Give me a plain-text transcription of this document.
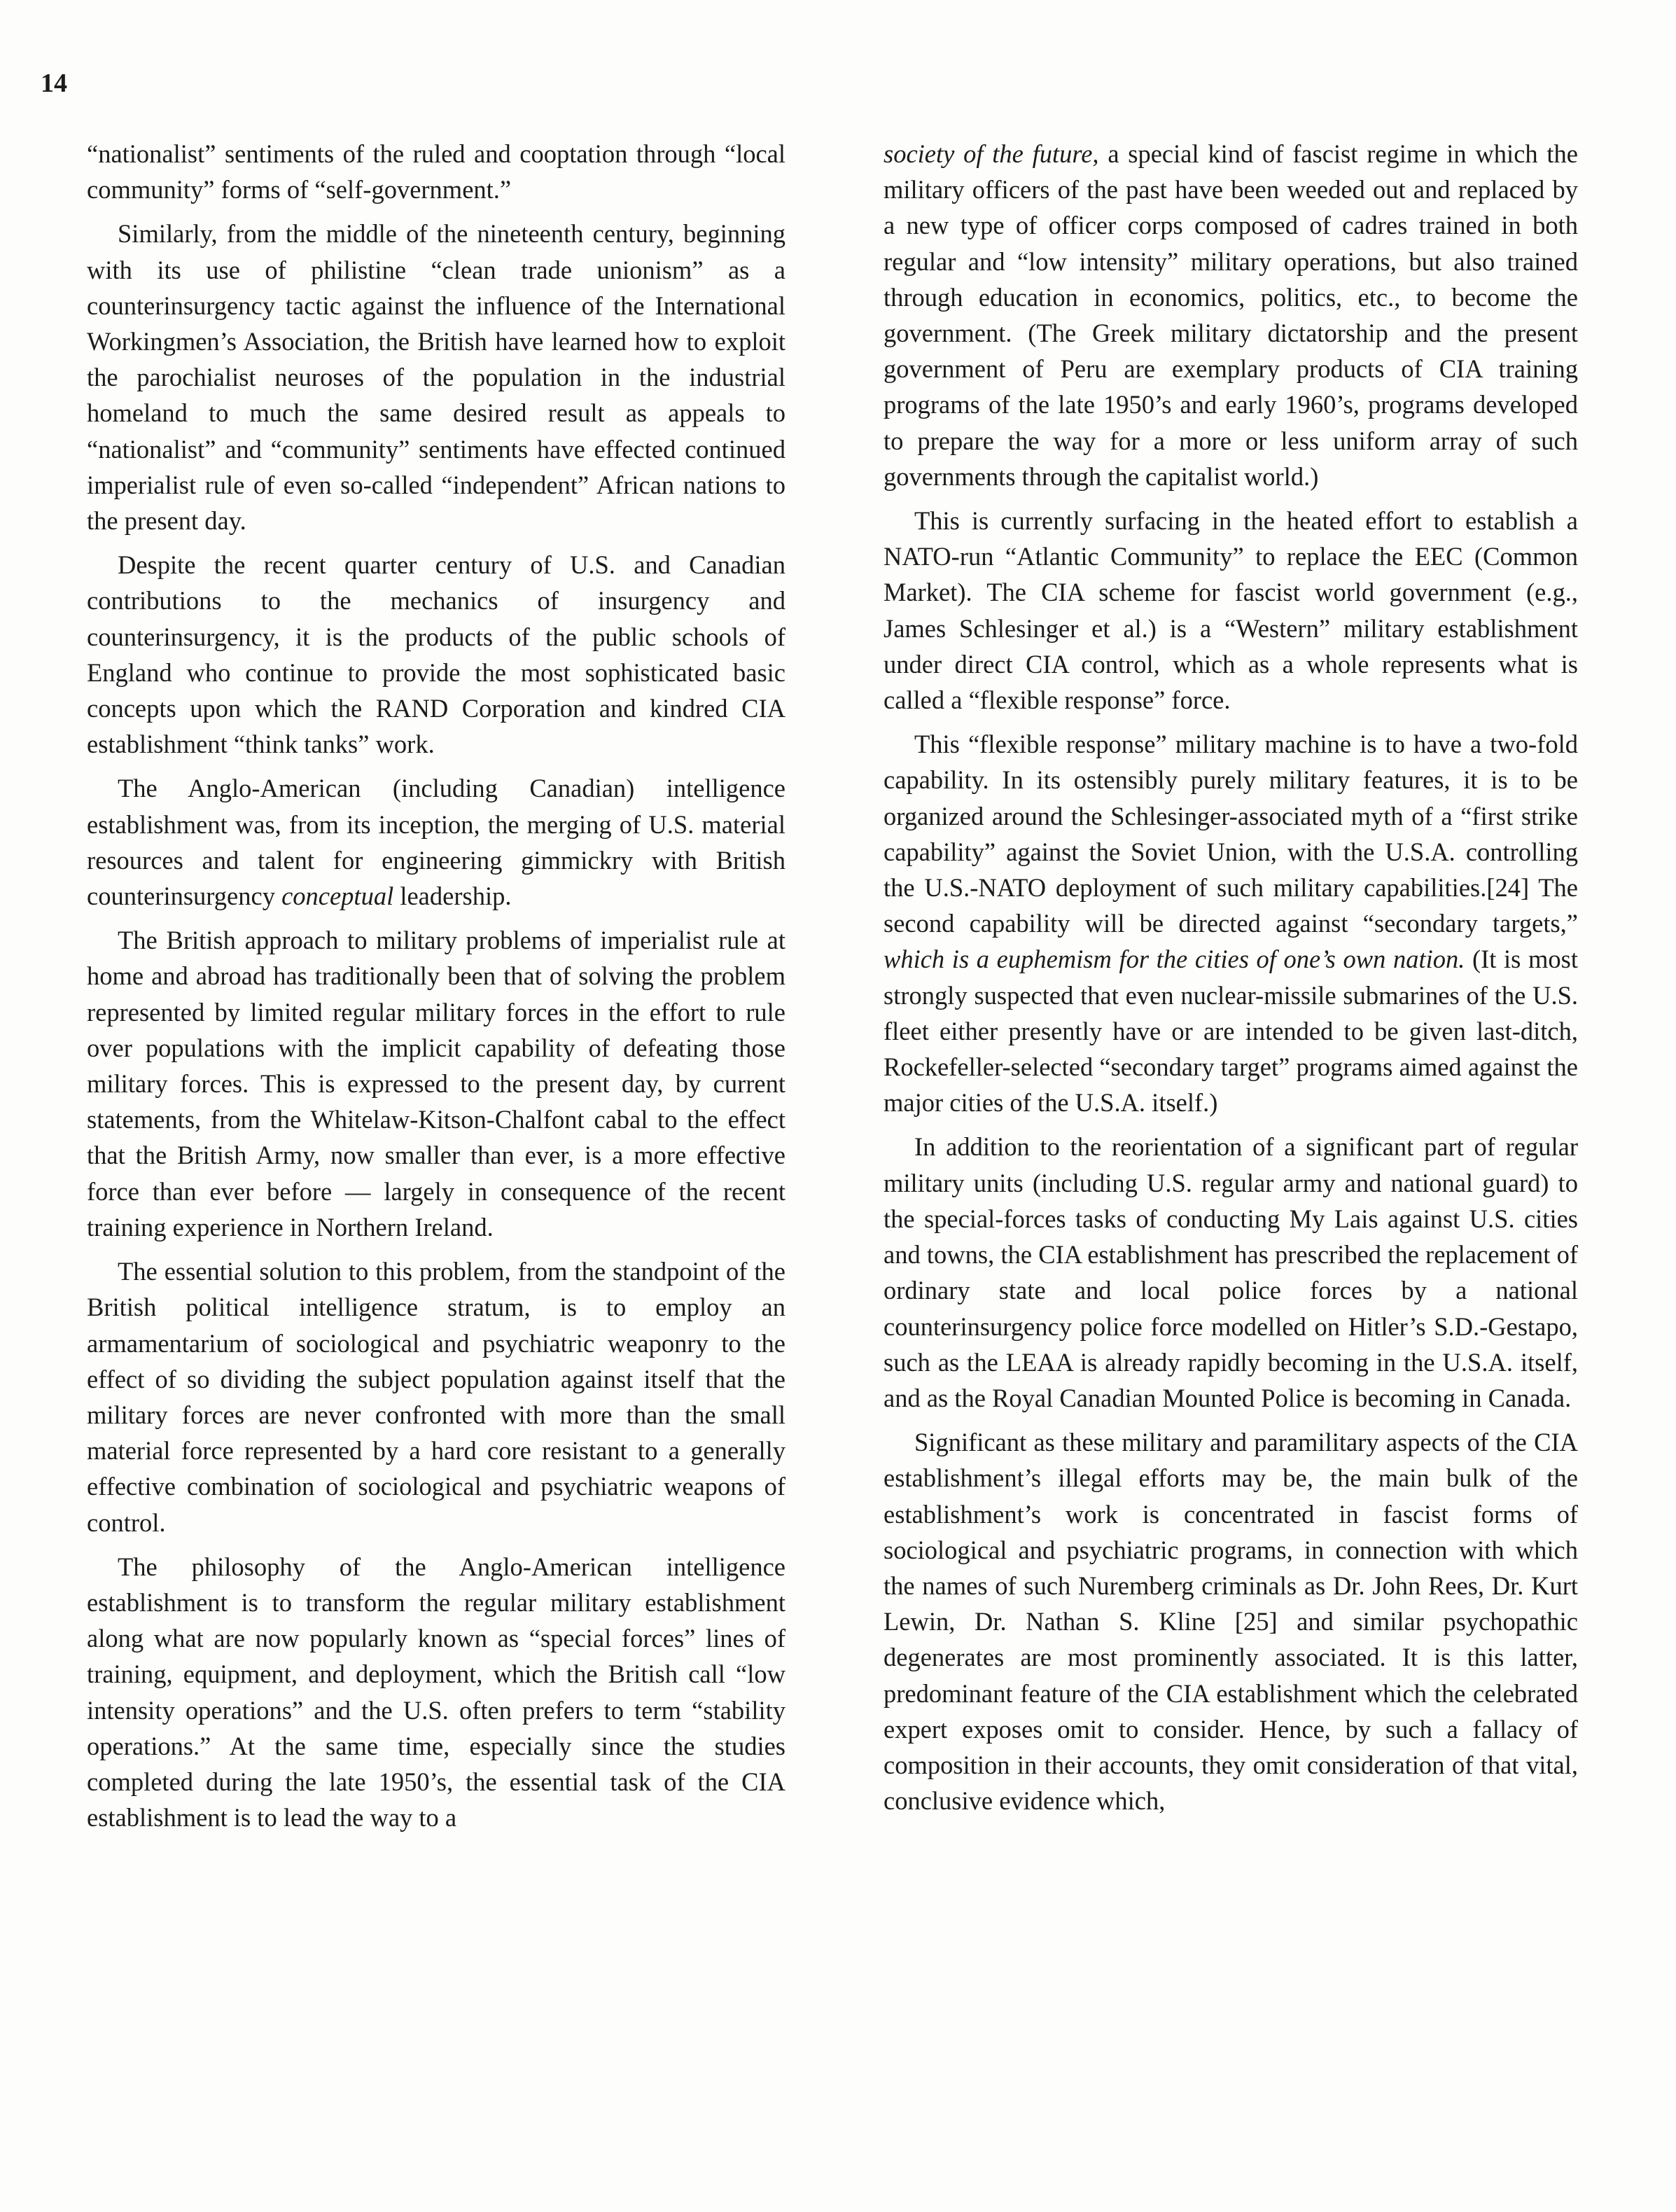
14

“nationalist” sentiments of the ruled and cooptation through “local community” forms of “self-government.”

Similarly, from the middle of the nineteenth century, beginning with its use of philistine “clean trade unionism” as a counterinsurgency tactic against the influence of the International Workingmen’s Association, the British have learned how to exploit the parochialist neuroses of the population in the industrial homeland to much the same desired result as appeals to “nationalist” and “community” sentiments have effected continued imperialist rule of even so-called “independent” African nations to the present day.

Despite the recent quarter century of U.S. and Canadian contributions to the mechanics of insurgency and counterinsurgency, it is the products of the public schools of England who continue to provide the most sophisticated basic concepts upon which the RAND Corporation and kindred CIA establishment “think tanks” work.

The Anglo-American (including Canadian) intelligence establishment was, from its inception, the merging of U.S. material resources and talent for engineering gimmickry with British counterinsurgency conceptual leadership.

The British approach to military problems of imperialist rule at home and abroad has traditionally been that of solving the problem represented by limited regular military forces in the effort to rule over populations with the implicit capability of defeating those military forces. This is expressed to the present day, by current statements, from the Whitelaw-Kitson-Chalfont cabal to the effect that the British Army, now smaller than ever, is a more effective force than ever before — largely in consequence of the recent training experience in Northern Ireland.

The essential solution to this problem, from the standpoint of the British political intelligence stratum, is to employ an armamentarium of sociological and psychiatric weaponry to the effect of so dividing the subject population against itself that the military forces are never confronted with more than the small material force represented by a hard core resistant to a generally effective combination of sociological and psychiatric weapons of control.

The philosophy of the Anglo-American intelligence establishment is to transform the regular military establishment along what are now popularly known as “special forces” lines of training, equipment, and deployment, which the British call “low intensity operations” and the U.S. often prefers to term “stability operations.” At the same time, especially since the studies completed during the late 1950’s, the essential task of the CIA establishment is to lead the way to a

society of the future, a special kind of fascist regime in which the military officers of the past have been weeded out and replaced by a new type of officer corps composed of cadres trained in both regular and “low intensity” military operations, but also trained through education in economics, politics, etc., to become the government. (The Greek military dictatorship and the present government of Peru are exemplary products of CIA training programs of the late 1950’s and early 1960’s, programs developed to prepare the way for a more or less uniform array of such governments through the capitalist world.)

This is currently surfacing in the heated effort to establish a NATO-run “Atlantic Community” to replace the EEC (Common Market). The CIA scheme for fascist world government (e.g., James Schlesinger et al.) is a “Western” military establishment under direct CIA control, which as a whole represents what is called a “flexible response” force.

This “flexible response” military machine is to have a two-fold capability. In its ostensibly purely military features, it is to be organized around the Schlesinger-associated myth of a “first strike capability” against the Soviet Union, with the U.S.A. controlling the U.S.-NATO deployment of such military capabilities.[24] The second capability will be directed against “secondary targets,” which is a euphemism for the cities of one’s own nation. (It is most strongly suspected that even nuclear-missile submarines of the U.S. fleet either presently have or are intended to be given last-ditch, Rockefeller-selected “secondary target” programs aimed against the major cities of the U.S.A. itself.)

In addition to the reorientation of a significant part of regular military units (including U.S. regular army and national guard) to the special-forces tasks of conducting My Lais against U.S. cities and towns, the CIA establishment has prescribed the replacement of ordinary state and local police forces by a national counterinsurgency police force modelled on Hitler’s S.D.-Gestapo, such as the LEAA is already rapidly becoming in the U.S.A. itself, and as the Royal Canadian Mounted Police is becoming in Canada.

Significant as these military and paramilitary aspects of the CIA establishment’s illegal efforts may be, the main bulk of the establishment’s work is concentrated in fascist forms of sociological and psychiatric programs, in connection with which the names of such Nuremberg criminals as Dr. John Rees, Dr. Kurt Lewin, Dr. Nathan S. Kline [25] and similar psychopathic degenerates are most prominently associated. It is this latter, predominant feature of the CIA establishment which the celebrated expert exposes omit to consider. Hence, by such a fallacy of composition in their accounts, they omit consideration of that vital, conclusive evidence which,
